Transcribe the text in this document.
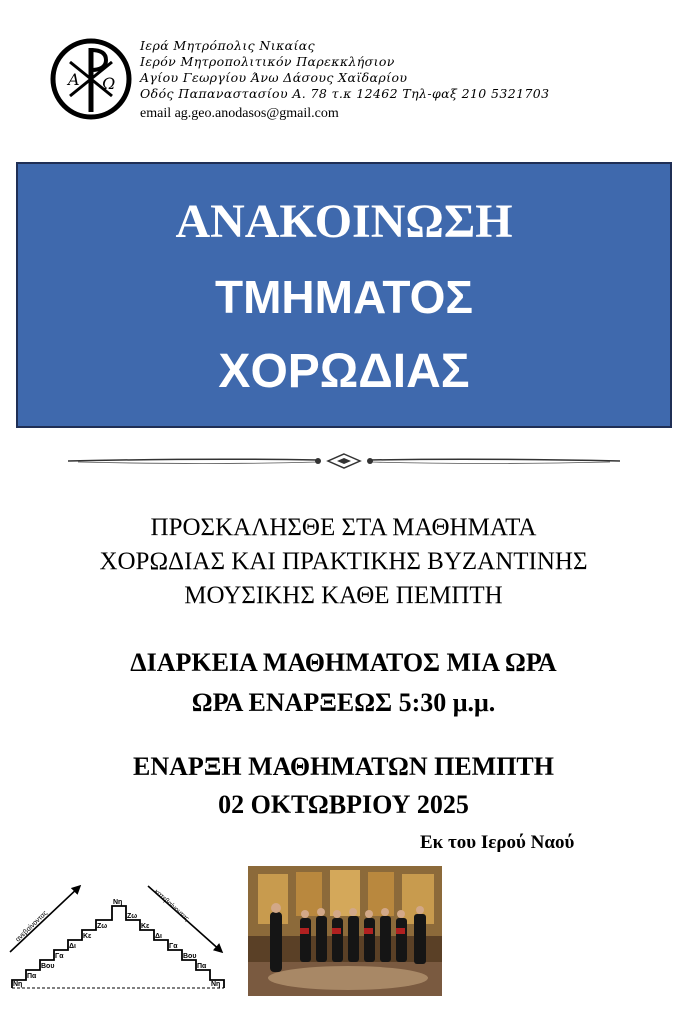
Α Ω
Ιερά Μητρόπολις Νικαίας
Ιερόν Μητροπολιτικόν Παρεκκλήσιον
Αγίου Γεωργίου Άνω Δάσους Χαϊδαρίου
Οδός Παπαναστασίου Α. 78 τ.κ 12462 Τηλ-φαξ 210 5321703
email ag.geo.anodasos@gmail.com
ΑΝΑΚΟΙΝΩΣΗ
ΤΜΗΜΑΤΟΣ
ΧΟΡΩΔΙΑΣ
ΠΡΟΣΚΑΛΗΣΘΕ ΣΤΑ ΜΑΘΗΜΑΤΑ
ΧΟΡΩΔΙΑΣ ΚΑΙ ΠΡΑΚΤΙΚΗΣ ΒΥΖΑΝΤΙΝΗΣ
ΜΟΥΣΙΚΗΣ ΚΑΘΕ ΠΕΜΠΤΗ
ΔΙΑΡΚΕΙΑ ΜΑΘΗΜΑΤΟΣ ΜΙΑ ΩΡΑ
ΩΡΑ ΕΝΑΡΞΕΩΣ 5:30 μ.μ.
ΕΝΑΡΞΗ ΜΑΘΗΜΑΤΩΝ ΠΕΜΠΤΗ
02 ΟΚΤΩΒΡΙΟΥ 2025
Εκ του Ιερού Ναού
ανεβαίνοντας
κατεβαίνοντας
Νη
Πα
Βου
Γα
Δι
Κε
Ζω
Νη
Ζω
Κε
Δι
Γα
Βου
Πα
Νη
